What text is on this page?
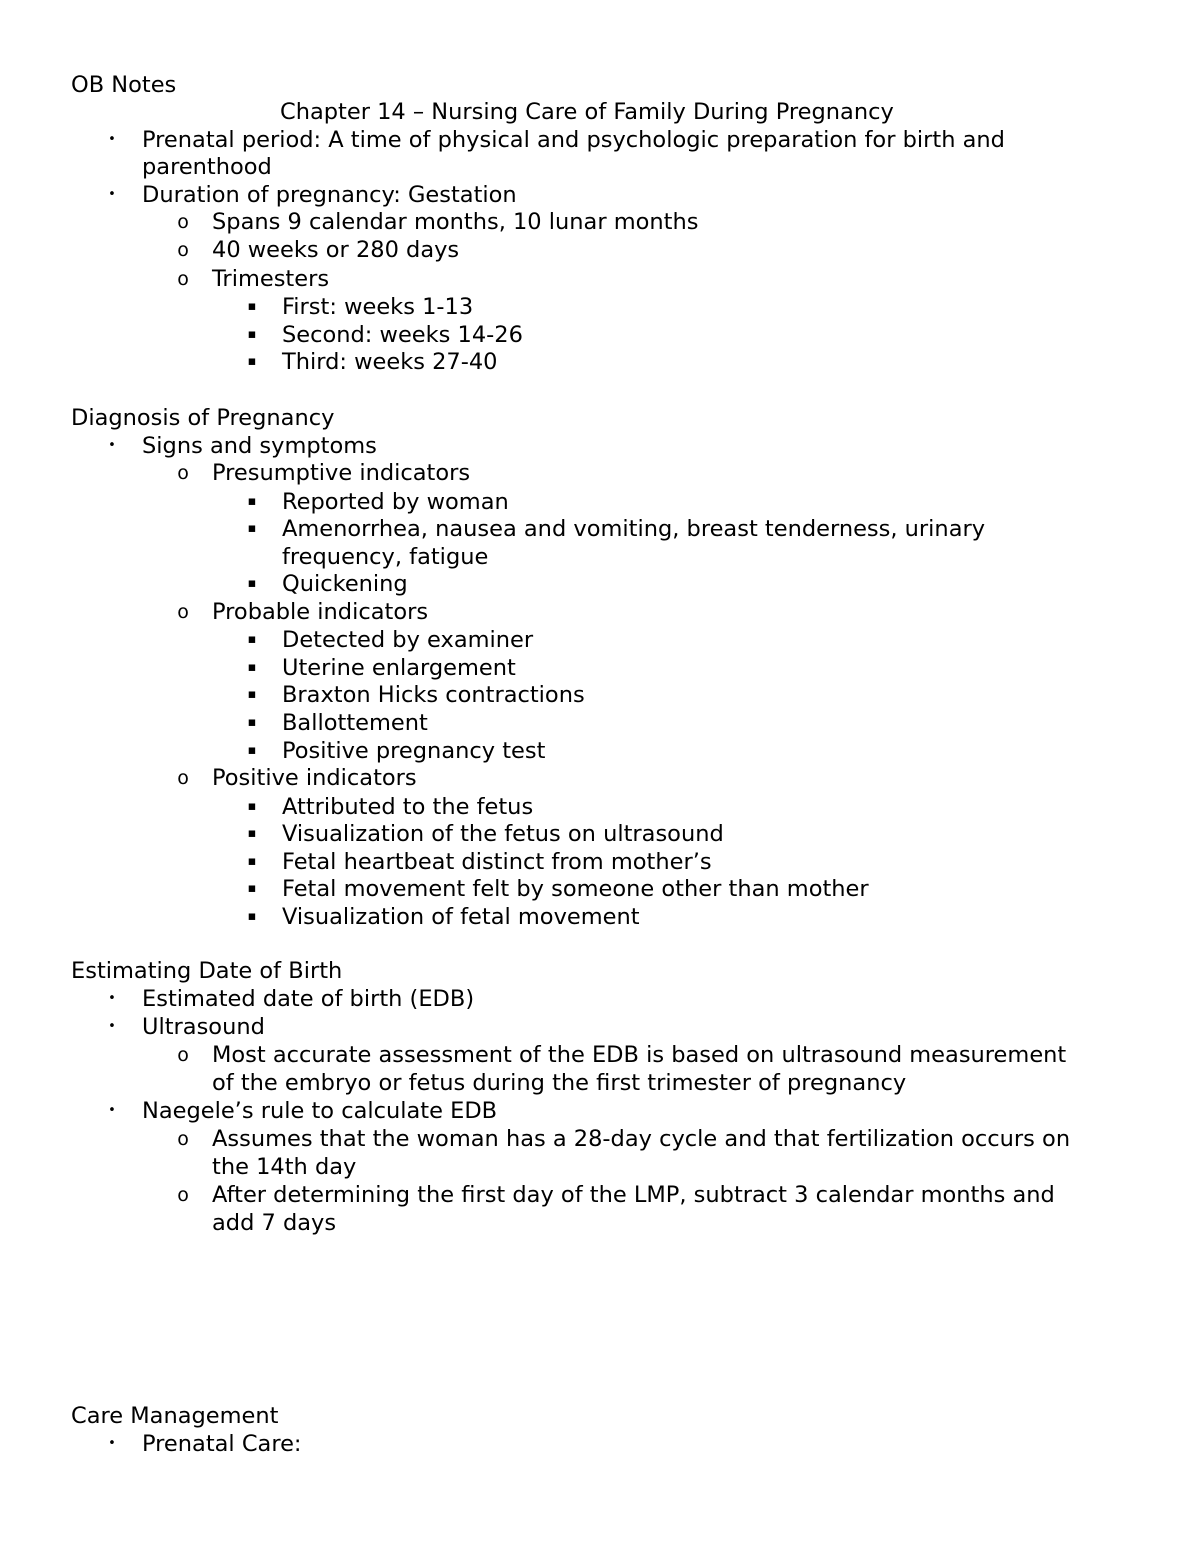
OB Notes
Chapter 14 – Nursing Care of Family During Pregnancy
• Prenatal period: A time of physical and psychologic preparation for birth and
parenthood
• Duration of pregnancy: Gestation
o Spans 9 calendar months, 10 lunar months
o 40 weeks or 280 days
o Trimesters
▪ First: weeks 1-13
▪ Second: weeks 14-26
▪ Third: weeks 27-40
Diagnosis of Pregnancy
• Signs and symptoms
o Presumptive indicators
▪ Reported by woman
▪ Amenorrhea, nausea and vomiting, breast tenderness, urinary
frequency, fatigue
▪ Quickening
o Probable indicators
▪ Detected by examiner
▪ Uterine enlargement
▪ Braxton Hicks contractions
▪ Ballottement
▪ Positive pregnancy test
o Positive indicators
▪ Attributed to the fetus
▪ Visualization of the fetus on ultrasound
▪ Fetal heartbeat distinct from mother’s
▪ Fetal movement felt by someone other than mother
▪ Visualization of fetal movement
Estimating Date of Birth
• Estimated date of birth (EDB)
• Ultrasound
o Most accurate assessment of the EDB is based on ultrasound measurement
of the embryo or fetus during the first trimester of pregnancy
• Naegele’s rule to calculate EDB
o Assumes that the woman has a 28-day cycle and that fertilization occurs on
the 14th day
o After determining the first day of the LMP, subtract 3 calendar months and
add 7 days
Care Management
• Prenatal Care:
